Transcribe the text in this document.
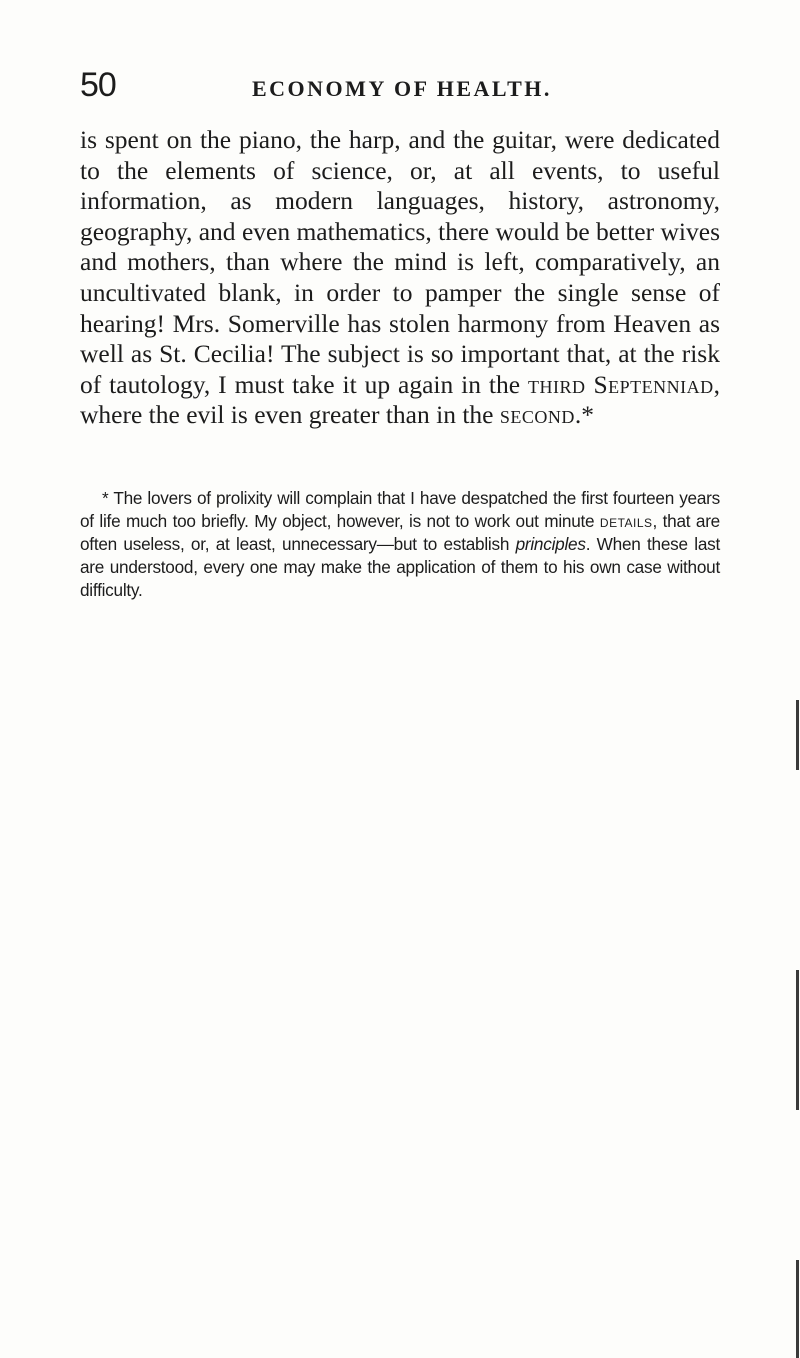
50	ECONOMY OF HEALTH.

is spent on the piano, the harp, and the guitar, were dedicated to the elements of science, or, at all events, to useful information, as modern languages, history, astronomy, geography, and even mathematics, there would be better wives and mothers, than where the mind is left, comparatively, an uncultivated blank, in order to pamper the single sense of hearing! Mrs. Somerville has stolen harmony from Heaven as well as St. Cecilia! The subject is so important that, at the risk of tautology, I must take it up again in the third Septenniad, where the evil is even greater than in the second.*

* The lovers of prolixity will complain that I have despatched the first fourteen years of life much too briefly. My object, however, is not to work out minute details, that are often useless, or, at least, unnecessary—but to establish principles. When these last are understood, every one may make the application of them to his own case without difficulty.
